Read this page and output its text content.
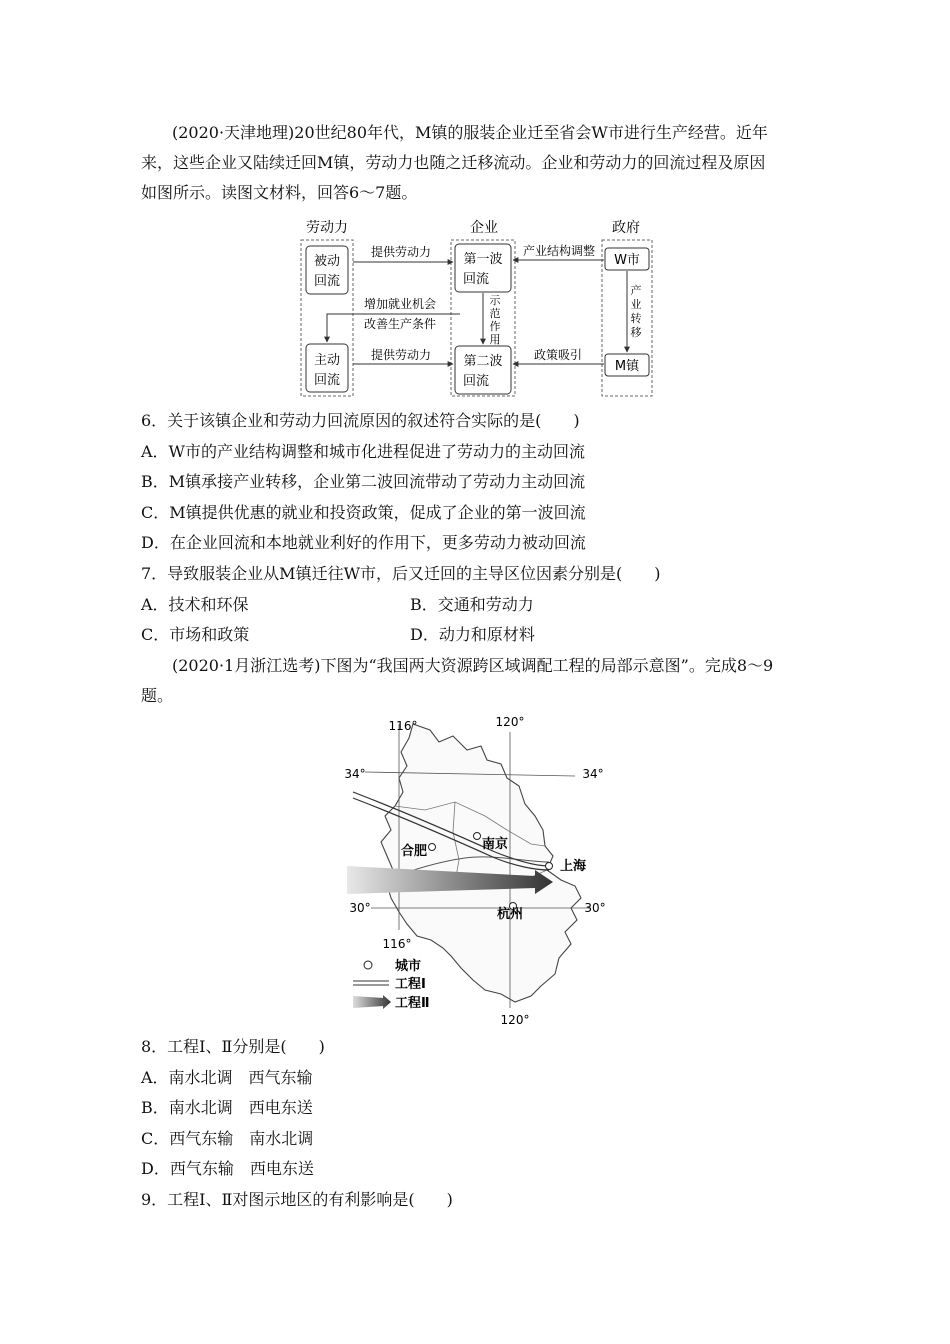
(2020·天津地理)20世纪80年代，M镇的服装企业迁至省会W市进行生产经营。近年
来，这些企业又陆续迁回M镇，劳动力也随之迁移流动。企业和劳动力的回流过程及原因
如图所示。读图文材料，回答6～7题。
劳动力	企业	政府
被动
回流
主动
回流
第一波
回流
第二波
回流
W市
M镇
提供劳动力	产业结构调整
产
业
转
移
政策吸引
提供劳动力
示
范
作
用
增加就业机会
改善生产条件
6．关于该镇企业和劳动力回流原因的叙述符合实际的是(　　)
A．W市的产业结构调整和城市化进程促进了劳动力的主动回流
B．M镇承接产业转移，企业第二波回流带动了劳动力主动回流
C．M镇提供优惠的就业和投资政策，促成了企业的第一波回流
D．在企业回流和本地就业利好的作用下，更多劳动力被动回流
7．导致服装企业从M镇迁往W市，后又迁回的主导区位因素分别是(　　)
A．技术和环保	B．交通和劳动力
C．市场和政策	D．动力和原材料
(2020·1月浙江选考)下图为“我国两大资源跨区域调配工程的局部示意图”。完成8～9
题。
合肥	南京
上海
杭州
116°	120°
34°	34°
30°	30°
116°
120°
城市
工程Ⅰ
工程Ⅱ
8．工程Ⅰ、Ⅱ分别是(　　)
A．南水北调　西气东输
B．南水北调　西电东送
C．西气东输　南水北调
D．西气东输　西电东送
9．工程Ⅰ、Ⅱ对图示地区的有利影响是(　　)
